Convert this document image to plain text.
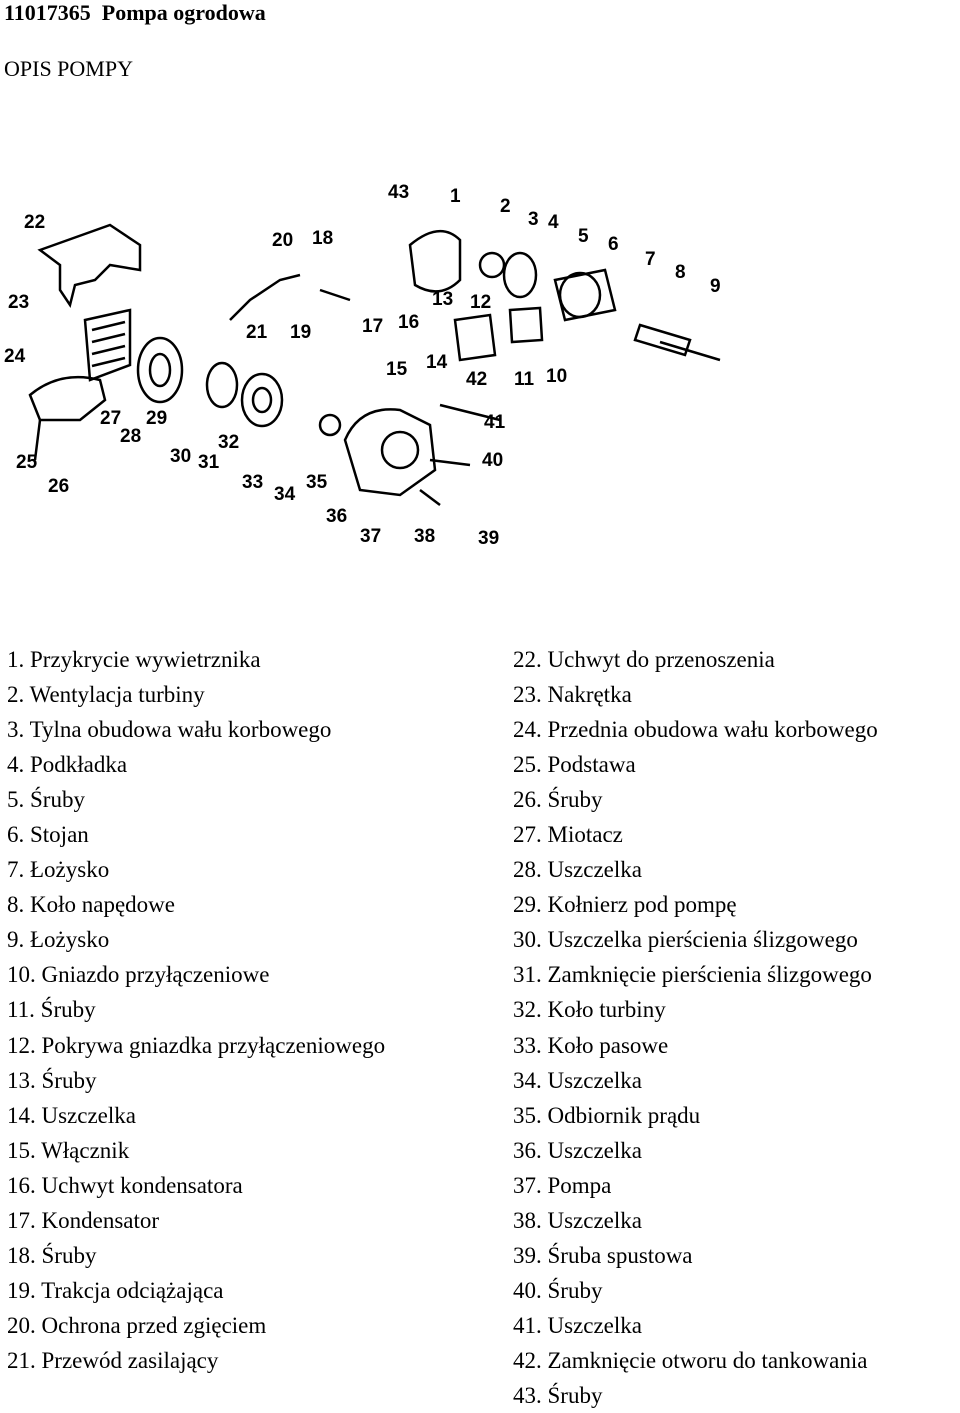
11017365  Pompa ogrodowa
OPIS POMPY
43 1 2
3 4
5 6
7
8
9
22
20 18
13 12
23
21 19	17 16
24
15 14
42 11 10
27 29
28	32
30 31
33
34
35
41
40
25
26
36
37 38 39
1. Przykrycie wywietrznika
2. Wentylacja turbiny
3. Tylna obudowa wału korbowego
4. Podkładka
5. Śruby
6. Stojan
7. Łożysko
8. Koło napędowe
9. Łożysko
10. Gniazdo przyłączeniowe
11. Śruby
12. Pokrywa gniazdka przyłączeniowego
13. Śruby
14. Uszczelka
15. Włącznik
16. Uchwyt kondensatora
17. Kondensator
18. Śruby
19. Trakcja odciążająca
20. Ochrona przed zgięciem
21. Przewód zasilający
22. Uchwyt do przenoszenia
23. Nakrętka
24. Przednia obudowa wału korbowego
25. Podstawa
26. Śruby
27. Miotacz
28. Uszczelka
29. Kołnierz pod pompę
30. Uszczelka pierścienia ślizgowego
31. Zamknięcie pierścienia ślizgowego
32. Koło turbiny
33. Koło pasowe
34. Uszczelka
35. Odbiornik prądu
36. Uszczelka
37. Pompa
38. Uszczelka
39. Śruba spustowa
40. Śruby
41. Uszczelka
42. Zamknięcie otworu do tankowania
43. Śruby
